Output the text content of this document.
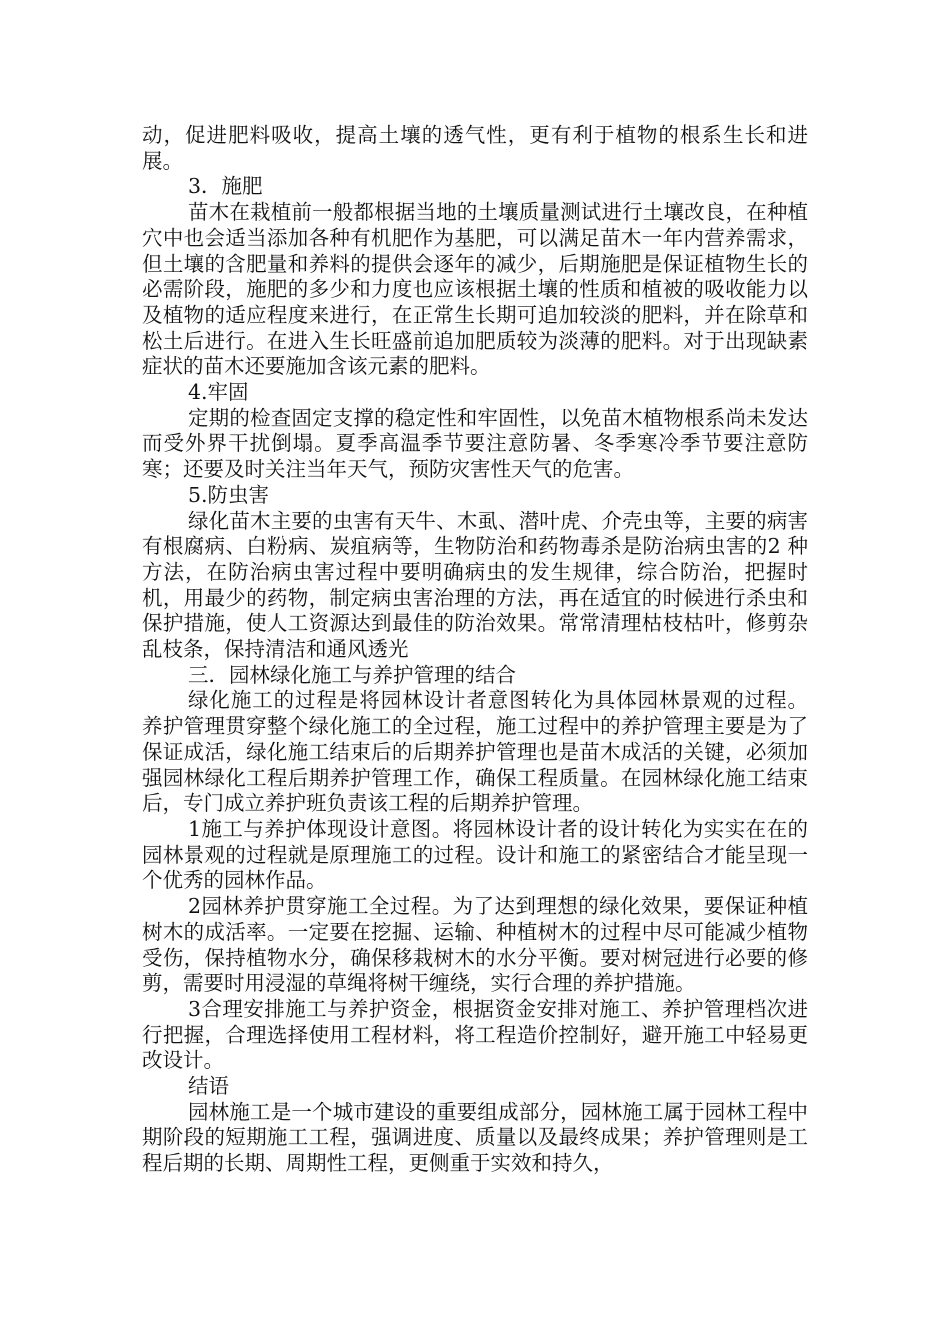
动，促进肥料吸收，提高土壤的透气性，更有利于植物的根系生长和进展。

3．施肥

苗木在栽植前一般都根据当地的土壤质量测试进行土壤改良，在种植穴中也会适当添加各种有机肥作为基肥，可以满足苗木一年内营养需求，但土壤的含肥量和养料的提供会逐年的减少，后期施肥是保证植物生长的必需阶段，施肥的多少和力度也应该根据土壤的性质和植被的吸收能力以及植物的适应程度来进行，在正常生长期可追加较淡的肥料，并在除草和松土后进行。在进入生长旺盛前追加肥质较为淡薄的肥料。对于出现缺素症状的苗木还要施加含该元素的肥料。

4.牢固

定期的检查固定支撑的稳定性和牢固性，以免苗木植物根系尚未发达而受外界干扰倒塌。夏季高温季节要注意防暑、冬季寒冷季节要注意防寒；还要及时关注当年天气，预防灾害性天气的危害。

5.防虫害

绿化苗木主要的虫害有天牛、木虱、潜叶虎、介壳虫等，主要的病害有根腐病、白粉病、炭疽病等，生物防治和药物毒杀是防治病虫害的2 种方法，在防治病虫害过程中要明确病虫的发生规律，综合防治，把握时机，用最少的药物，制定病虫害治理的方法，再在适宜的时候进行杀虫和保护措施，使人工资源达到最佳的防治效果。常常清理枯枝枯叶，修剪杂乱枝条，保持清洁和通风透光

三．园林绿化施工与养护管理的结合

绿化施工的过程是将园林设计者意图转化为具体园林景观的过程。 养护管理贯穿整个绿化施工的全过程，施工过程中的养护管理主要是为了保证成活，绿化施工结束后的后期养护管理也是苗木成活的关键，必须加强园林绿化工程后期养护管理工作，确保工程质量。在园林绿化施工结束后，专门成立养护班负责该工程的后期养护管理。

1施工与养护体现设计意图。将园林设计者的设计转化为实实在在的园林景观的过程就是原理施工的过程。设计和施工的紧密结合才能呈现一个优秀的园林作品。

2园林养护贯穿施工全过程。为了达到理想的绿化效果，要保证种植树木的成活率。一定要在挖掘、运输、种植树木的过程中尽可能减少植物受伤，保持植物水分，确保移栽树木的水分平衡。要对树冠进行必要的修剪，需要时用浸湿的草绳将树干缠绕，实行合理的养护措施。

3合理安排施工与养护资金，根据资金安排对施工、养护管理档次进行把握，合理选择使用工程材料，将工程造价控制好，避开施工中轻易更改设计。

结语

园林施工是一个城市建设的重要组成部分，园林施工属于园林工程中期阶段的短期施工工程，强调进度、质量以及最终成果；养护管理则是工程后期的长期、周期性工程，更侧重于实效和持久，
